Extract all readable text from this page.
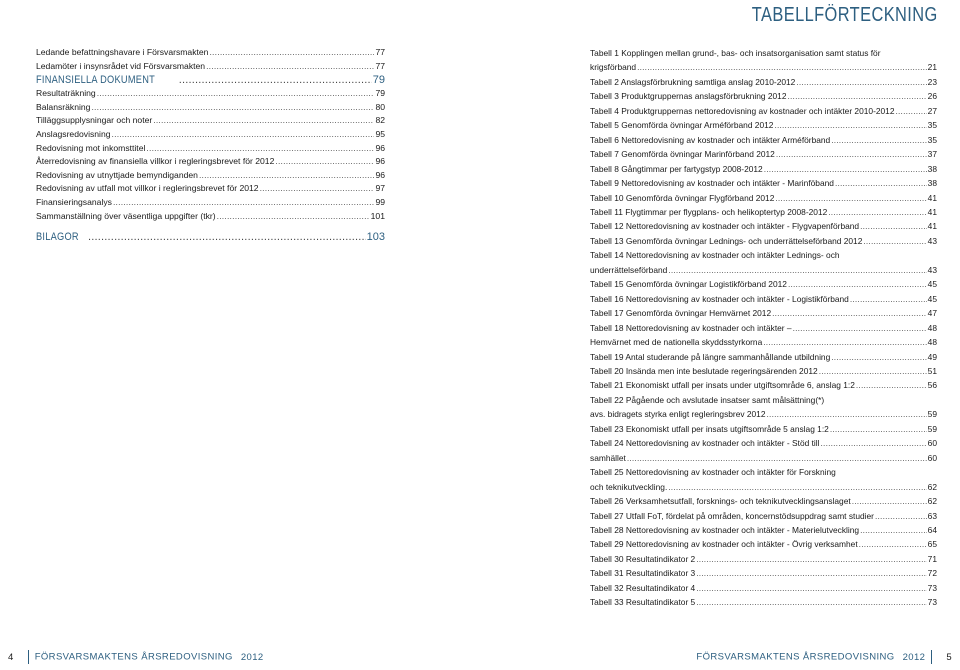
TABELLFÖRTECKNING
Ledande befattningshavare i Försvarsmakten .....	77
Ledamöter i insynsrådet vid Försvarsmakten .....	77
FINANSIELLA DOKUMENT .....	79
Resultaträkning .....	79
Balansräkning .....	80
Tilläggsupplysningar och noter .....	82
Anslagsredovisning .....	95
Redovisning mot inkomsttitel .....	96
Återredovisning av finansiella villkor i regleringsbrevet för 2012 .....	96
Redovisning av utnyttjade bemyndiganden .....	96
Redovisning av utfall mot villkor i regleringsbrevet för 2012 .....	97
Finansieringsanalys .....	99
Sammanställning över väsentliga uppgifter (tkr) .....	101
BILAGOR .....	103
Tabell 1 Kopplingen mellan grund-, bas- och insatsorganisation samt status för
krigsförband .....	21
Tabell 2 Anslagsförbrukning samtliga anslag 2010-2012 .....	23
Tabell 3 Produktgruppernas anslagsförbrukning 2012 .....	26
Tabell 4 Produktgruppernas nettoredovisning av kostnader och intäkter 2010-2012 .....	27
Tabell 5 Genomförda övningar Arméförband 2012 .....	35
Tabell 6 Nettoredovisning av kostnader och intäkter Arméförband .....	35
Tabell 7 Genomförda övningar Marinförband 2012 .....	37
Tabell 8 Gångtimmar per fartygstyp 2008-2012 .....	38
Tabell 9 Nettoredovisning av kostnader och intäkter - Marinföband .....	38
Tabell 10 Genomförda övningar Flygförband 2012 .....	41
Tabell 11 Flygtimmar per flygplans- och helikoptertyp 2008-2012 .....	41
Tabell 12 Nettoredovisning av kostnader och intäkter - Flygvapenförband .....	41
Tabell 13 Genomförda övningar Lednings- och underrättelseförband 2012 .....	43
Tabell 14 Nettoredovisning av kostnader och intäkter Lednings- och
underrättelseförband .....	43
Tabell 15 Genomförda övningar Logistikförband 2012 .....	45
Tabell 16 Nettoredovisning av kostnader och intäkter - Logistikförband .....	45
Tabell 17 Genomförda övningar Hemvärnet 2012 .....	47
Tabell 18 Nettoredovisning av kostnader och intäkter – .....	48
Hemvärnet med de nationella skyddsstyrkorna .....	48
Tabell 19 Antal studerande på längre sammanhållande utbildning .....	49
Tabell 20 Insända men inte beslutade regeringsärenden 2012 .....	51
Tabell 21 Ekonomiskt utfall per insats under utgiftsområde 6, anslag 1:2 .....	56
Tabell 22 Pågående och avslutade insatser samt målsättning(*)
avs. bidragets styrka enligt regleringsbrev 2012 .....	59
Tabell 23 Ekonomiskt utfall per insats utgiftsområde 5 anslag 1:2 .....	59
Tabell 24 Nettoredovisning av kostnader och intäkter - Stöd till .....	60
samhället .....	60
Tabell 25 Nettoredovisning av kostnader och intäkter för Forskning
och teknikutveckling. .....	62
Tabell 26 Verksamhetsutfall, forsknings- och teknikutvecklingsanslaget .....	62
Tabell 27 Utfall FoT, fördelat på områden, koncernstödsuppdrag samt studier .....	63
Tabell 28 Nettoredovisning av kostnader och intäkter - Materielutveckling .....	64
Tabell 29 Nettoredovisning av kostnader och intäkter - Övrig verksamhet .....	65
Tabell 30 Resultatindikator 2 .....	71
Tabell 31 Resultatindikator 3 .....	72
Tabell 32 Resultatindikator 4 .....	73
Tabell 33 Resultatindikator 5 .....	73
4 FÖRSVARSMAKTENS ÅRSREDOVISNING 2012	FÖRSVARSMAKTENS ÅRSREDOVISNING 2012 5
